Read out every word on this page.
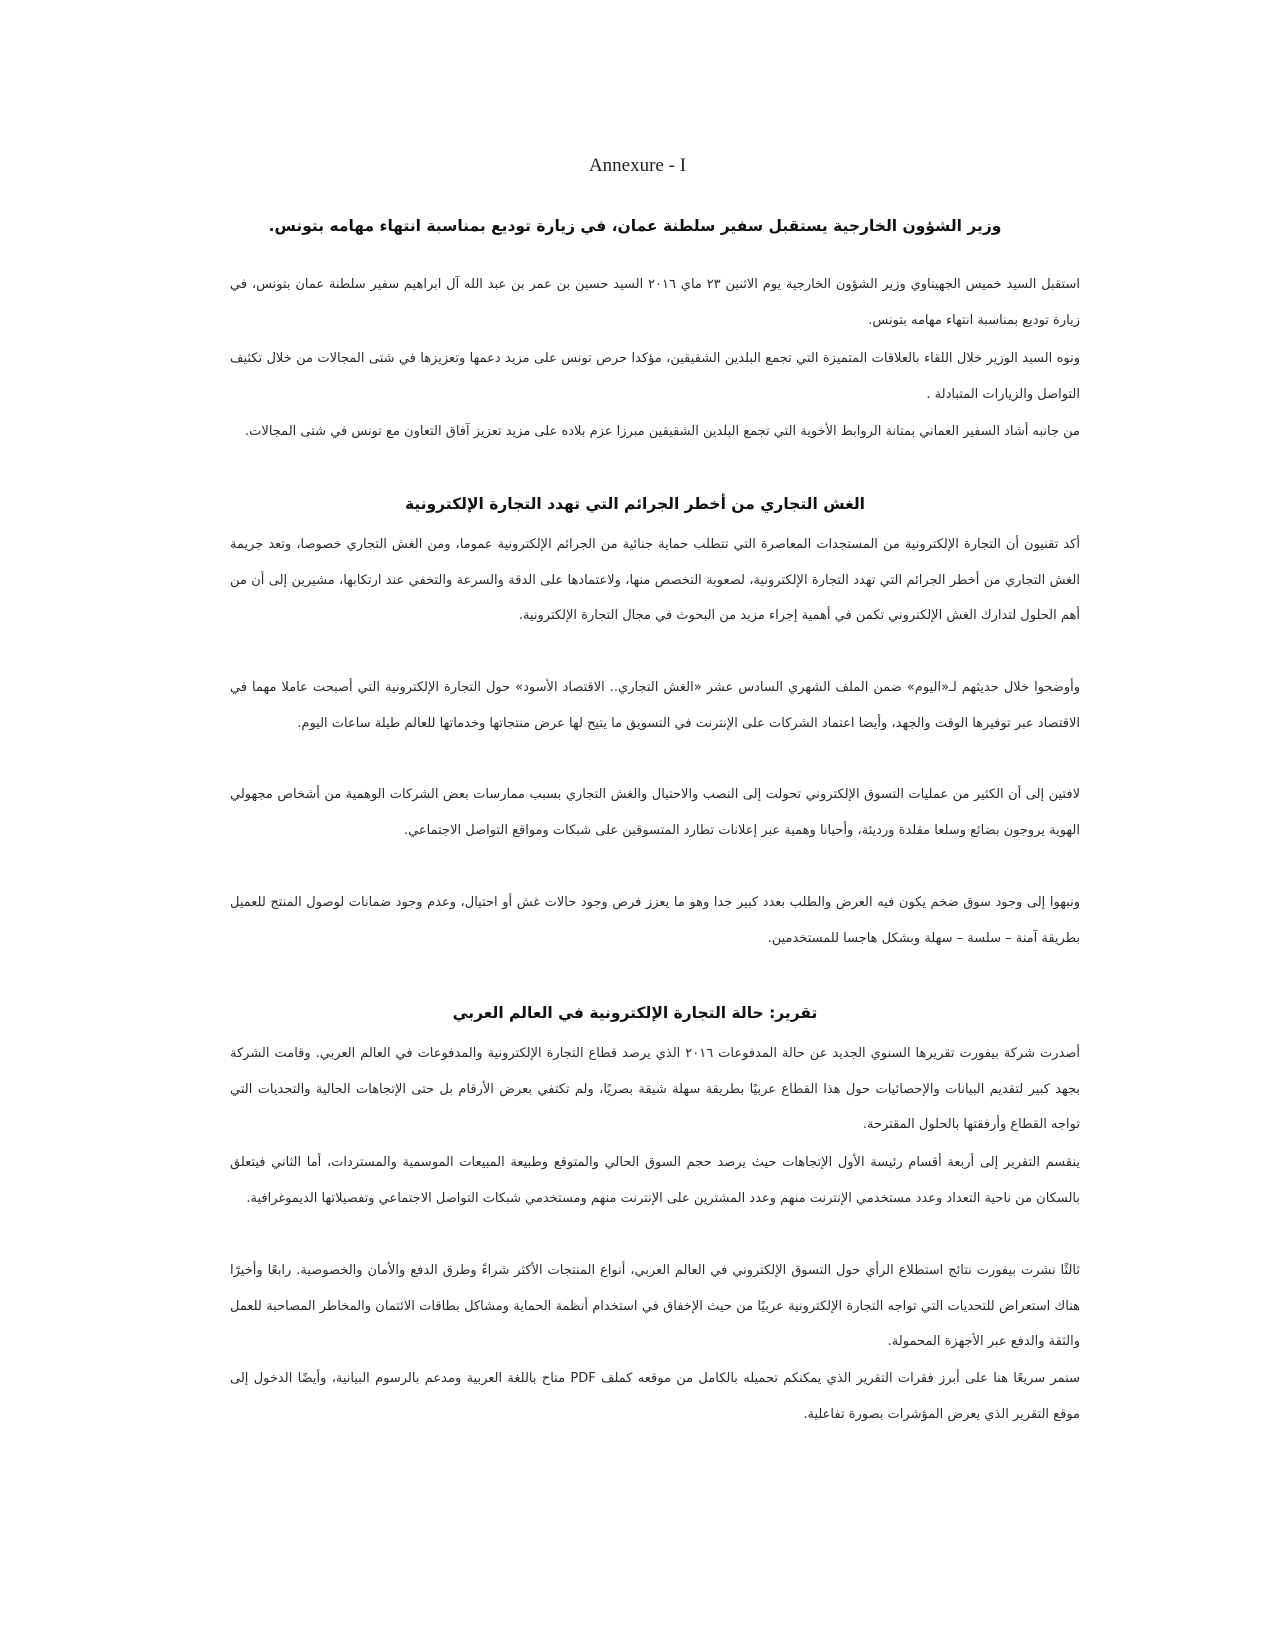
Annexure - I
وزير الشؤون الخارجية يستقبل سفير سلطنة عمان، في زيارة توديع بمناسبة انتهاء مهامه بتونس.
استقبل السيد خميس الجهيناوي وزير الشؤون الخارجية يوم الاثنين ٢٣ ماي ٢٠١٦ السيد حسين بن عمر بن عبد الله آل ابراهيم سفير سلطنة عمان بتونس، في زيارة توديع بمناسبة انتهاء مهامه بتونس.
ونوه السيد الوزير خلال اللقاء بالعلاقات المتميزة التي تجمع البلدين الشقيقين، مؤكدا حرص تونس على مزيد دعمها وتعزيزها في شتى المجالات من خلال تكثيف التواصل والزيارات المتبادلة .
من جانبه أشاد السفير العماني بمتانة الروابط الأخوية التي تجمع البلدين الشقيقين مبرزا عزم بلاده على مزيد تعزيز آفاق التعاون مع تونس في شتى المجالات.
الغش التجاري من أخطر الجرائم التي تهدد التجارة الإلكترونية
أكد تقنيون أن التجارة الإلكترونية من المستجدات المعاصرة التي تتطلب حماية جنائية من الجرائم الإلكترونية عموما، ومن الغش التجاري خصوصا، وتعد جريمة الغش التجاري من أخطر الجرائم التي تهدد التجارة الإلكترونية، لصعوبة التخصص منها، ولاعتمادها على الدقة والسرعة والتخفي عند ارتكابها، مشيرين إلى أن من أهم الحلول لتدارك الغش الإلكتروني تكمن في أهمية إجراء مزيد من البحوث في مجال التجارة الإلكترونية.
وأوضحوا خلال حديثهم لـ«اليوم» ضمن الملف الشهري السادس عشر «الغش التجاري.. الاقتصاد الأسود» حول التجارة الإلكترونية التي أصبحت عاملا مهما في الاقتصاد عبر توفيرها الوقت والجهد، وأيضا اعتماد الشركات على الإنترنت في التسويق ما يتيح لها عرض منتجاتها وخدماتها للعالم طيلة ساعات اليوم.
لافتين إلى أن الكثير من عمليات التسوق الإلكتروني تحولت إلى النصب والاحتيال والغش التجاري بسبب ممارسات بعض الشركات الوهمية من أشخاص مجهولي الهوية يروجون بضائع وسلعا مقلدة ورديئة، وأحيانا وهمية عبر إعلانات تطارد المتسوقين على شبكات ومواقع التواصل الاجتماعي.
ونبهوا إلى وجود سوق ضخم يكون فيه العرض والطلب بعدد كبير جدا وهو ما يعزز فرص وجود حالات غش أو احتيال، وعدم وجود ضمانات لوصول المنتج للعميل بطريقة آمنة – سلسة – سهلة وبشكل هاجسا للمستخدمين.
تقرير: حالة التجارة الإلكترونية في العالم العربي
أصدرت شركة بيفورت تقريرها السنوي الجديد عن حالة المدفوعات ٢٠١٦ الذي يرصد قطاع التجارة الإلكترونية والمدفوعات في العالم العربي. وقامت الشركة بجهد كبير لتقديم البيانات والإحصائيات حول هذا القطاع عربيًا بطريقة سهلة شيقة بصريًا، ولم تكتفي بعرض الأرقام بل حتى الإتجاهات الحالية والتحديات التي تواجه القطاع وأرفقتها بالحلول المقترحة.
ينقسم التقرير إلى أربعة أقسام رئيسة الأول الإتجاهات حيث يرصد حجم السوق الحالي والمتوقع وطبيعة المبيعات الموسمية والمستردات، أما الثاني فيتعلق بالسكان من ناحية التعداد وعدد مستخدمي الإنترنت منهم وعدد المشترين على الإنترنت منهم ومستخدمي شبكات التواصل الاجتماعي وتفصيلاتها الديموغرافية.
ثالثًا نشرت بيفورت نتائج استطلاع الرأي حول التسوق الإلكتروني في العالم العربي، أنواع المنتجات الأكثر شراءً وطرق الدفع والأمان والخصوصية. رابعًا وأخيرًا هناك استعراض للتحديات التي تواجه التجارة الإلكترونية عربيًا من حيث الإخفاق في استخدام أنظمة الحماية ومشاكل بطاقات الائتمان والمخاطر المصاحبة للعمل والثقة والدفع عبر الأجهزة المحمولة.
سنمر سريعًا هنا على أبرز فقرات التقرير الذي يمكنكم تحميله بالكامل من موقعه كملف PDF متاح باللغة العربية ومدعم بالرسوم البيانية، وأيضًا الدخول إلى موقع التقرير الذي يعرض المؤشرات بصورة تفاعلية.
